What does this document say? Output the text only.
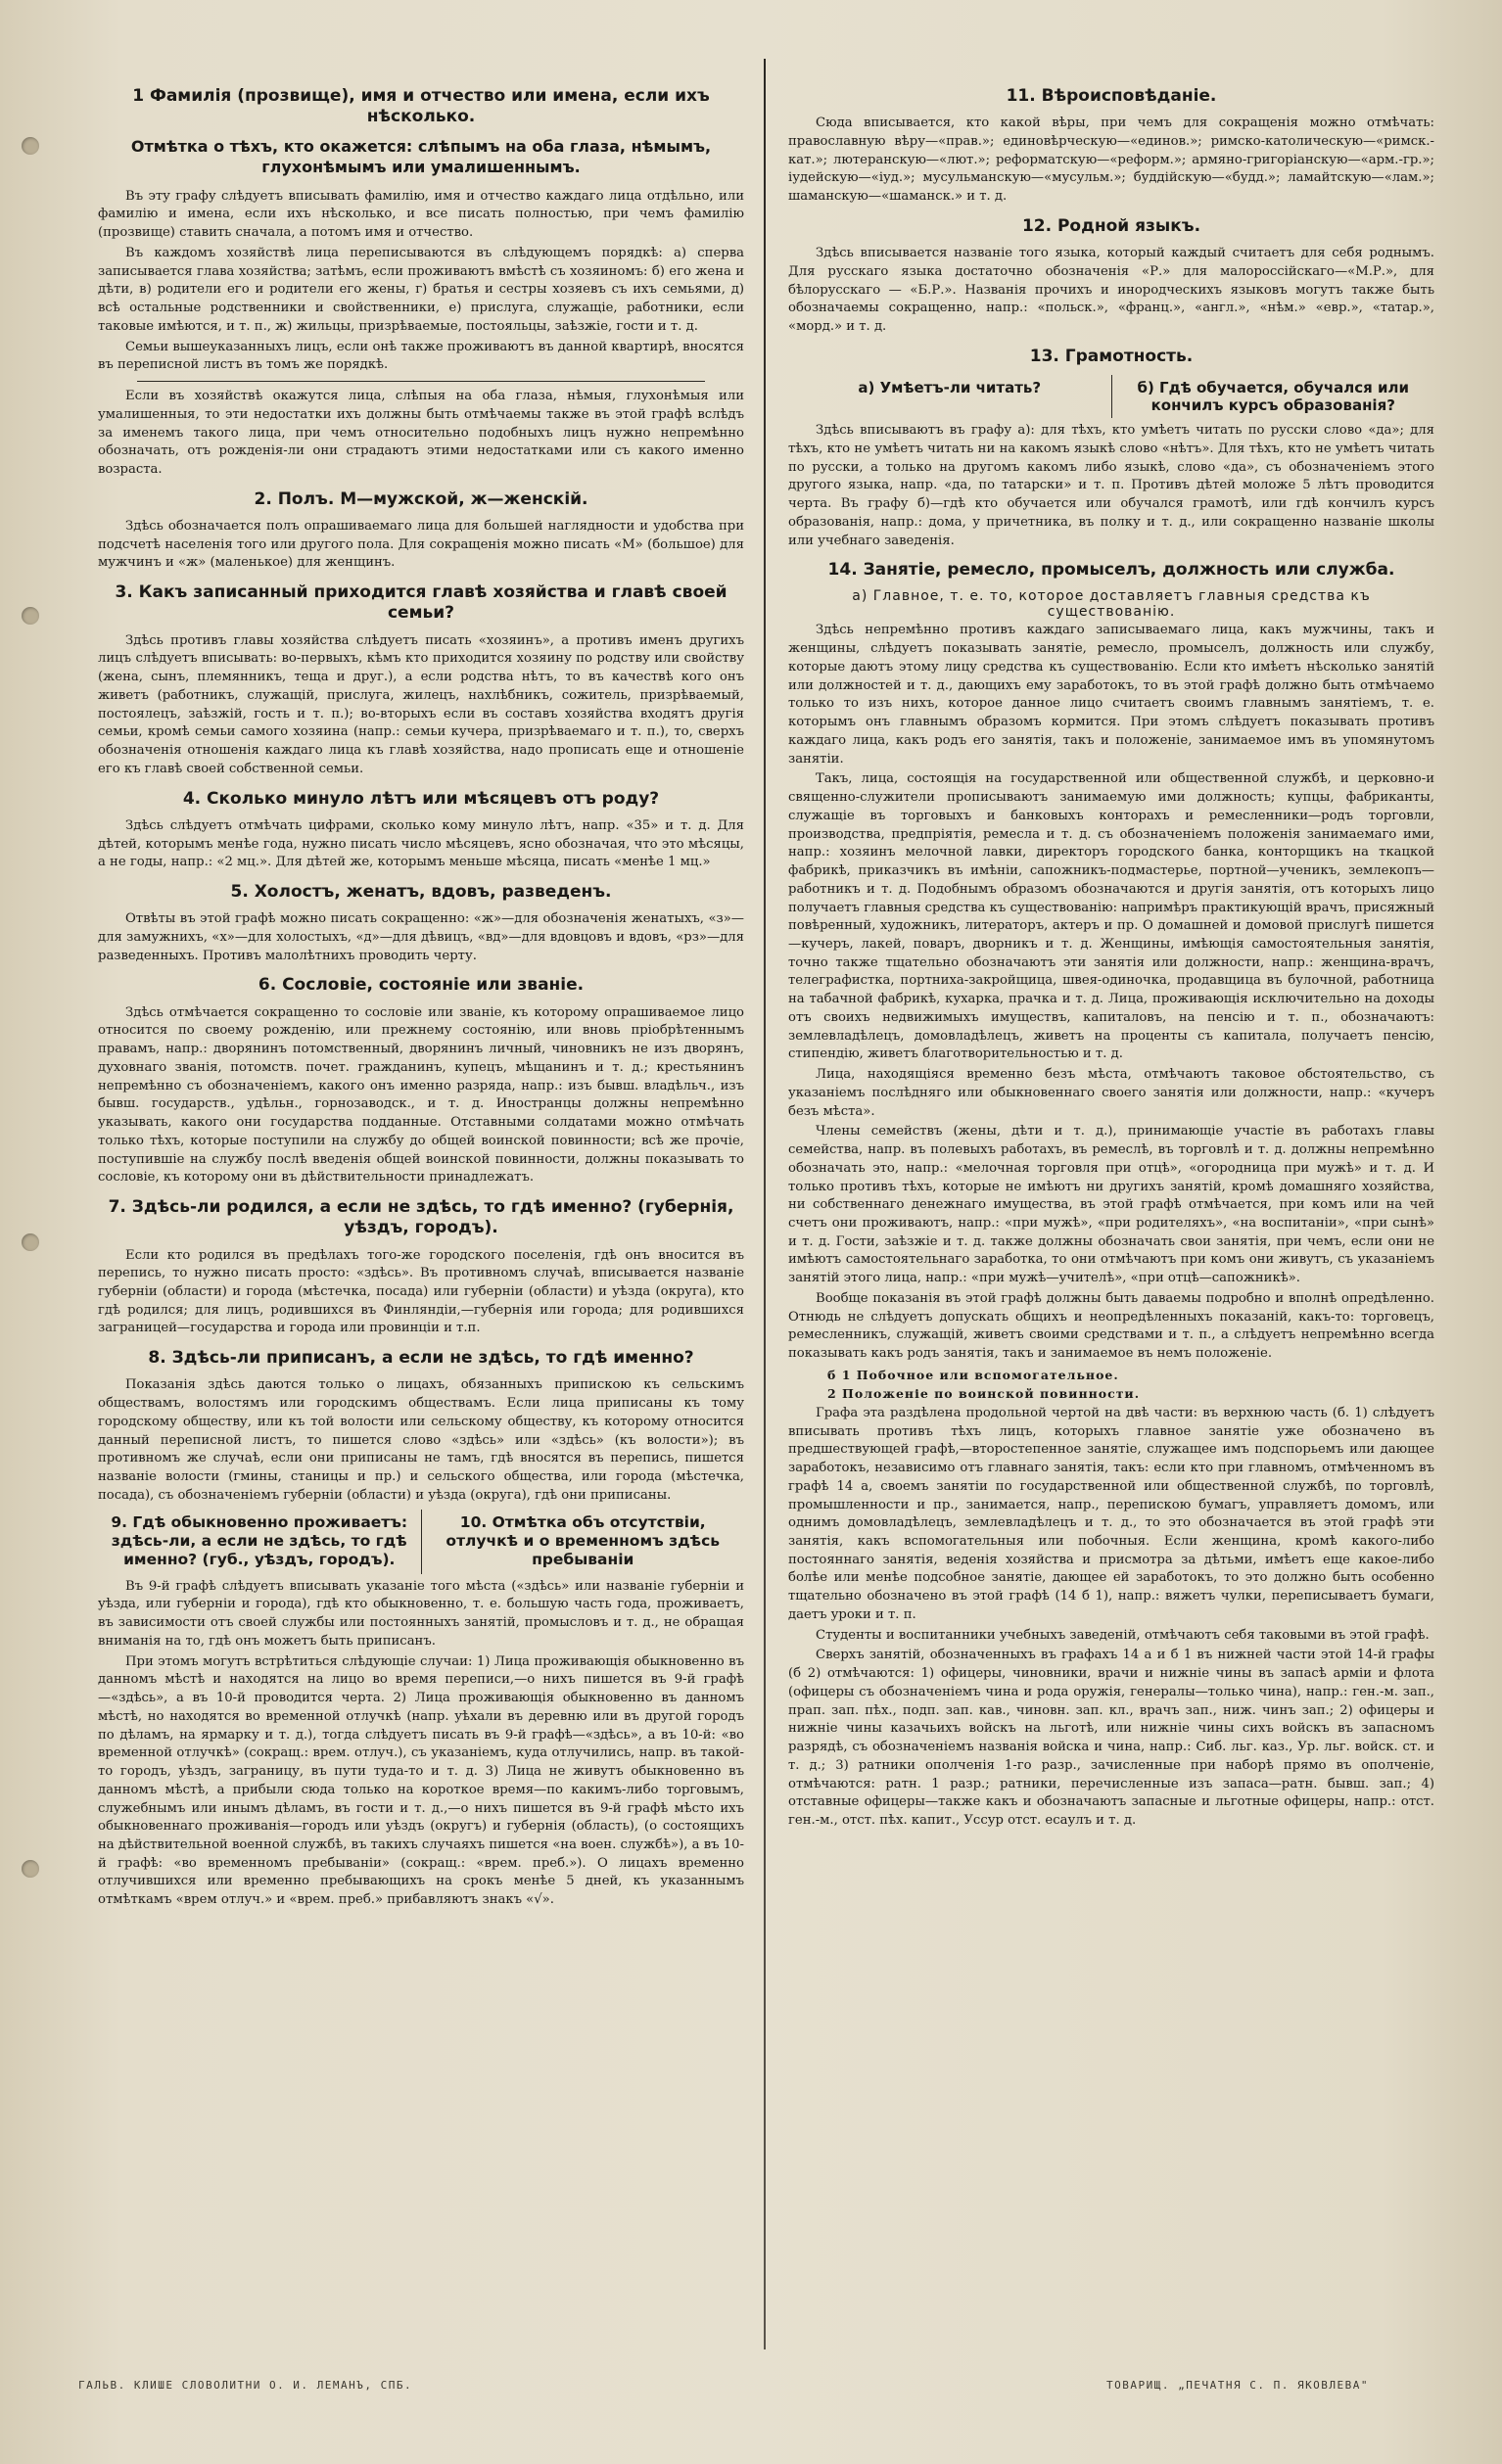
1 Фамилія (прозвище), имя и отчество или имена, если ихъ нѣсколько.
Отмѣтка о тѣхъ, кто окажется: слѣпымъ на оба глаза, нѣмымъ, глухонѣмымъ или умалишеннымъ.

Въ эту графу слѣдуетъ вписывать фамилію, имя и отчество каждаго лица отдѣльно, или фамилію и имена, если ихъ нѣсколько, и все писать полностью, при чемъ фамилію (прозвище) ставить сначала, а потомъ имя и отчество.

Въ каждомъ хозяйствѣ лица переписываются въ слѣдующемъ порядкѣ: а) сперва записывается глава хозяйства; затѣмъ, если проживаютъ вмѣстѣ съ хозяиномъ: б) его жена и дѣти, в) родители его и родители его жены, г) братья и сестры хозяевъ съ ихъ семьями, д) всѣ остальные родственники и свойственники, е) прислуга, служащіе, работники, если таковые имѣются, и т. п., ж) жильцы, призрѣваемые, постояльцы, заѣзжіе, гости и т. д.

Семьи вышеуказанныхъ лицъ, если онѣ также проживаютъ въ данной квартирѣ, вносятся въ переписной листъ въ томъ же порядкѣ.

Если въ хозяйствѣ окажутся лица, слѣпыя на оба глаза, нѣмыя, глухонѣмыя или умалишенныя, то эти недостатки ихъ должны быть отмѣчаемы также въ этой графѣ вслѣдъ за именемъ такого лица, при чемъ относительно подобныхъ лицъ нужно непремѣнно обозначать, отъ рожденія-ли они страдаютъ этими недостатками или съ какого именно возраста.

2. Полъ. М—мужской, ж—женскій.

Здѣсь обозначается полъ опрашиваемаго лица для большей наглядности и удобства при подсчетѣ населенія того или другого пола. Для сокращенія можно писать «М» (большое) для мужчинъ и «ж» (маленькое) для женщинъ.

3. Какъ записанный приходится главѣ хозяйства и главѣ своей семьи?

Здѣсь противъ главы хозяйства слѣдуетъ писать «хозяинъ», а противъ именъ другихъ лицъ слѣдуетъ вписывать: во-первыхъ, кѣмъ кто приходится хозяину по родству или свойству (жена, сынъ, племянникъ, теща и друг.), а если родства нѣтъ, то въ качествѣ кого онъ живетъ (работникъ, служащій, прислуга, жилецъ, нахлѣбникъ, сожитель, призрѣваемый, постоялецъ, заѣзжій, гость и т. п.); во-вторыхъ если въ составъ хозяйства входятъ другія семьи, кромѣ семьи самого хозяина (напр.: семьи кучера, призрѣваемаго и т. п.), то, сверхъ обозначенія отношенія каждаго лица къ главѣ хозяйства, надо прописать еще и отношеніе его къ главѣ своей собственной семьи.

4. Сколько минуло лѣтъ или мѣсяцевъ отъ роду?

Здѣсь слѣдуетъ отмѣчать цифрами, сколько кому минуло лѣтъ, напр. «35» и т. д. Для дѣтей, которымъ менѣе года, нужно писать число мѣсяцевъ, ясно обозначая, что это мѣсяцы, а не годы, напр.: «2 мц.». Для дѣтей же, которымъ меньше мѣсяца, писать «менѣе 1 мц.»

5. Холостъ, женатъ, вдовъ, разведенъ.

Отвѣты въ этой графѣ можно писать сокращенно: «ж»—для обозначенія женатыхъ, «з»—для замужнихъ, «х»—для холостыхъ, «д»—для дѣвицъ, «вд»—для вдовцовъ и вдовъ, «рз»—для разведенныхъ. Противъ малолѣтнихъ проводить черту.

6. Сословіе, состояніе или званіе.

Здѣсь отмѣчается сокращенно то сословіе или званіе, къ которому опрашиваемое лицо относится по своему рожденію, или прежнему состоянію, или вновь пріобрѣтеннымъ правамъ, напр.: дворянинъ потомственный, дворянинъ личный, чиновникъ не изъ дворянъ, духовнаго званія, потомств. почет. гражданинъ, купецъ, мѣщанинъ и т. д.; крестьянинъ непремѣнно съ обозначеніемъ, какого онъ именно разряда, напр.: изъ бывш. владѣльч., изъ бывш. государств., удѣльн., горнозаводск., и т. д. Иностранцы должны непремѣнно указывать, какого они государства подданные. Отставными солдатами можно отмѣчать только тѣхъ, которые поступили на службу до общей воинской повинности; всѣ же прочіе, поступившіе на службу послѣ введенія общей воинской повинности, должны показывать то сословіе, къ которому они въ дѣйствительности принадлежатъ.

7. Здѣсь-ли родился, а если не здѣсь, то гдѣ именно? (губернія, уѣздъ, городъ).

Если кто родился въ предѣлахъ того-же городского поселенія, гдѣ онъ вносится въ перепись, то нужно писать просто: «здѣсь». Въ противномъ случаѣ, вписывается названіе губерніи (области) и города (мѣстечка, посада) или губерніи (области) и уѣзда (округа), кто гдѣ родился; для лицъ, родившихся въ Финляндіи,—губернія или города; для родившихся заграницей—государства и города или провинціи и т.п.

8. Здѣсь-ли приписанъ, а если не здѣсь, то гдѣ именно?

Показанія здѣсь даются только о лицахъ, обязанныхъ припискою къ сельскимъ обществамъ, волостямъ или городскимъ обществамъ. Если лица приписаны къ тому городскому обществу, или къ той волости или сельскому обществу, къ которому относится данный переписной листъ, то пишется слово «здѣсь» или «здѣсь» (къ волости»); въ противномъ же случаѣ, если они приписаны не тамъ, гдѣ вносятся въ перепись, пишется названіе волости (гмины, станицы и пр.) и сельского общества, или города (мѣстечка, посада), съ обозначеніемъ губерніи (области) и уѣзда (округа), гдѣ они приписаны.

9. Гдѣ обыкновенно проживаетъ: здѣсь-ли, а если не здѣсь, то гдѣ именно? (губ., уѣздъ, городъ).
10. Отмѣтка объ отсутствіи, отлучкѣ и о временномъ здѣсь пребываніи

Въ 9-й графѣ слѣдуетъ вписывать указаніе того мѣста («здѣсь» или названіе губерніи и уѣзда, или губерніи и города), гдѣ кто обыкновенно, т. е. большую часть года, проживаетъ, въ зависимости отъ своей службы или постоянныхъ занятій, промысловъ и т. д., не обращая вниманія на то, гдѣ онъ можетъ быть приписанъ.

При этомъ могутъ встрѣтиться слѣдующіе случаи: 1) Лица проживающія обыкновенно въ данномъ мѣстѣ и находятся на лицо во время переписи,—о нихъ пишется въ 9-й графѣ—«здѣсь», а въ 10-й проводится черта. 2) Лица проживающія обыкновенно въ данномъ мѣстѣ, но находятся во временной отлучкѣ (напр. уѣхали въ деревню или въ другой городъ по дѣламъ, на ярмарку и т. д.), тогда слѣдуетъ писать въ 9-й графѣ—«здѣсь», а въ 10-й: «во временной отлучкѣ» (сокращ.: врем. отлуч.), съ указаніемъ, куда отлучились, напр. въ такой-то городъ, уѣздъ, заграницу, въ пути туда-то и т. д. 3) Лица не живутъ обыкновенно въ данномъ мѣстѣ, а прибыли сюда только на короткое время—по какимъ-либо торговымъ, служебнымъ или инымъ дѣламъ, въ гости и т. д.,—о нихъ пишется въ 9-й графѣ мѣсто ихъ обыкновеннаго проживанія—городъ или уѣздъ (округъ) и губернія (область), (о состоящихъ на дѣйствительной военной службѣ, въ такихъ случаяхъ пишется «на воен. службѣ»), а въ 10-й графѣ: «во временномъ пребываніи» (сокращ.: «врем. преб.»). О лицахъ временно отлучившихся или временно пребывающихъ на срокъ менѣе 5 дней, къ указаннымъ отмѣткамъ «врем отлуч.» и «врем. преб.» прибавляютъ знакъ «√».

11. Вѣроисповѣданіе.

Сюда вписывается, кто какой вѣры, при чемъ для сокращенія можно отмѣчать: православную вѣру—«прав.»; единовѣрческую—«единов.»; римско-католическую—«римск.-кат.»; лютеранскую—«лют.»; реформатскую—«реформ.»; армяно-григоріанскую—«арм.-гр.»; іудейскую—«іуд.»; мусульманскую—«мусульм.»; буддійскую—«будд.»; ламайтскую—«лам.»; шаманскую—«шаманск.» и т. д.

12. Родной языкъ.

Здѣсь вписывается названіе того языка, который каждый считаетъ для себя роднымъ. Для русскаго языка достаточно обозначенія «Р.» для малороссійскаго—«М.Р.», для бѣлорусскаго — «Б.Р.». Названія прочихъ и инородческихъ языковъ могутъ также быть обозначаемы сокращенно, напр.: «польск.», «франц.», «англ.», «нѣм.» «евр.», «татар.», «морд.» и т. д.

13. Грамотность.
а) Умѣетъ-ли читать?	б) Гдѣ обучается, обучался или кончилъ курсъ образованія?

Здѣсь вписываютъ въ графу а): для тѣхъ, кто умѣетъ читать по русски слово «да»; для тѣхъ, кто не умѣетъ читать ни на какомъ языкѣ слово «нѣтъ». Для тѣхъ, кто не умѣетъ читать по русски, а только на другомъ какомъ либо языкѣ, слово «да», съ обозначеніемъ этого другого языка, напр. «да, по татарски» и т. п. Противъ дѣтей моложе 5 лѣтъ проводится черта. Въ графу б)—гдѣ кто обучается или обучался грамотѣ, или гдѣ кончилъ курсъ образованія, напр.: дома, у причетника, въ полку и т. д., или сокращенно названіе школы или учебнаго заведенія.

14. Занятіе, ремесло, промыселъ, должность или служба.
а) Главное, т. е. то, которое доставляетъ главныя средства къ существованію.

Здѣсь непремѣнно противъ каждаго записываемаго лица, какъ мужчины, такъ и женщины, слѣдуетъ показывать занятіе, ремесло, промыселъ, должность или службу, которые даютъ этому лицу средства къ существованію. Если кто имѣетъ нѣсколько занятій или должностей и т. д., дающихъ ему заработокъ, то въ этой графѣ должно быть отмѣчаемо только то изъ нихъ, которое данное лицо считаетъ своимъ главнымъ занятіемъ, т. е. которымъ онъ главнымъ образомъ кормится. При этомъ слѣдуетъ показывать противъ каждаго лица, какъ родъ его занятія, такъ и положеніе, занимаемое имъ въ упомянутомъ занятіи.

Такъ, лица, состоящія на государственной или общественной службѣ, и церковно-и священно-служители прописываютъ занимаемую ими должность; купцы, фабриканты, служащіе въ торговыхъ и банковыхъ конторахъ и ремесленники—родъ торговли, производства, предпріятія, ремесла и т. д. съ обозначеніемъ положенія занимаемаго ими, напр.: хозяинъ мелочной лавки, директоръ городского банка, конторщикъ на ткацкой фабрикѣ, приказчикъ въ имѣніи, сапожникъ-подмастерье, портной—ученикъ, землекопъ—работникъ и т. д. Подобнымъ образомъ обозначаются и другія занятія, отъ которыхъ лицо получаетъ главныя средства къ существованію: напримѣръ практикующій врачъ, присяжный повѣренный, художникъ, литераторъ, актеръ и пр. О домашней и домовой прислугѣ пишется—кучеръ, лакей, поваръ, дворникъ и т. д. Женщины, имѣющія самостоятельныя занятія, точно также тщательно обозначаютъ эти занятія или должности, напр.: женщина-врачъ, телеграфистка, портниха-закройщица, швея-одиночка, продавщица въ булочной, работница на табачной фабрикѣ, кухарка, прачка и т. д. Лица, проживающія исключительно на доходы отъ своихъ недвижимыхъ имуществъ, капиталовъ, на пенсію и т. п., обозначаютъ: землевладѣлецъ, домовладѣлецъ, живетъ на проценты съ капитала, получаетъ пенсію, стипендію, живетъ благотворительностью и т. д.

Лица, находящіяся временно безъ мѣста, отмѣчаютъ таковое обстоятельство, съ указаніемъ послѣдняго или обыкновеннаго своего занятія или должности, напр.: «кучеръ безъ мѣста».

Члены семействъ (жены, дѣти и т. д.), принимающіе участіе въ работахъ главы семейства, напр. въ полевыхъ работахъ, въ ремеслѣ, въ торговлѣ и т. д. должны непремѣнно обозначать это, напр.: «мелочная торговля при отцѣ», «огородница при мужѣ» и т. д. И только противъ тѣхъ, которые не имѣютъ ни другихъ занятій, кромѣ домашняго хозяйства, ни собственнаго денежнаго имущества, въ этой графѣ отмѣчается, при комъ или на чей счетъ они проживаютъ, напр.: «при мужѣ», «при родителяхъ», «на воспитаніи», «при сынѣ» и т. д. Гости, заѣзжіе и т. д. также должны обозначать свои занятія, при чемъ, если они не имѣютъ самостоятельнаго заработка, то они отмѣчаютъ при комъ они живутъ, съ указаніемъ занятій этого лица, напр.: «при мужѣ—учителѣ», «при отцѣ—сапожникѣ».

Вообще показанія въ этой графѣ должны быть даваемы подробно и вполнѣ опредѣленно. Отнюдь не слѣдуетъ допускать общихъ и неопредѣленныхъ показаній, какъ-то: торговецъ, ремесленникъ, служащій, живетъ своими средствами и т. п., а слѣдуетъ непремѣнно всегда показывать какъ родъ занятія, такъ и занимаемое въ немъ положеніе.

б 1 Побочное или вспомогательное.
2 Положеніе по воинской повинности.

Графа эта раздѣлена продольной чертой на двѣ части: въ верхнюю часть (б. 1) слѣдуетъ вписывать противъ тѣхъ лицъ, которыхъ главное занятіе уже обозначено въ предшествующей графѣ,—второстепенное занятіе, служащее имъ подспорьемъ или дающее заработокъ, независимо отъ главнаго занятія, такъ: если кто при главномъ, отмѣченномъ въ графѣ 14 а, своемъ занятіи по государственной или общественной службѣ, по торговлѣ, промышленности и пр., занимается, напр., перепискою бумагъ, управляетъ домомъ, или однимъ домовладѣлецъ, землевладѣлецъ и т. д., то это обозначается въ этой графѣ эти занятія, какъ вспомогательныя или побочныя. Если женщина, кромѣ какого-либо постояннаго занятія, веденія хозяйства и присмотра за дѣтьми, имѣетъ еще какое-либо болѣе или менѣе подсобное занятіе, дающее ей заработокъ, то это должно быть особенно тщательно обозначено въ этой графѣ (14 б 1), напр.: вяжетъ чулки, переписываетъ бумаги, даетъ уроки и т. п.

Студенты и воспитанники учебныхъ заведеній, отмѣчаютъ себя таковыми въ этой графѣ.

Сверхъ занятій, обозначенныхъ въ графахъ 14 а и б 1 въ нижней части этой 14-й графы (б 2) отмѣчаются: 1) офицеры, чиновники, врачи и нижніе чины въ запасѣ арміи и флота (офицеры съ обозначеніемъ чина и рода оружія, генералы—только чина), напр.: ген.-м. зап., прап. зап. пѣх., подп. зап. кав., чиновн. зап. кл., врачъ зап., ниж. чинъ зап.; 2) офицеры и нижніе чины казачьихъ войскъ на льготѣ, или нижніе чины сихъ войскъ въ запасномъ разрядѣ, съ обозначеніемъ названія войска и чина, напр.: Сиб. льг. каз., Ур. льг. войск. ст. и т. д.; 3) ратники ополченія 1-го разр., зачисленные при наборѣ прямо въ ополченіе, отмѣчаются: ратн. 1 разр.; ратники, перечисленные изъ запаса—ратн. бывш. зап.; 4) отставные офицеры—также какъ и обозначаютъ запасные и льготные офицеры, напр.: отст. ген.-м., отст. пѣх. капит., Уссур отст. есаулъ и т. д.

ГАЛЬВ. КЛИШЕ СЛОВОЛИТНИ О. И. ЛЕМАНЪ, СПБ.	ТОВАРИЩ. „ПЕЧАТНЯ С. П. ЯКОВЛЕВА"
